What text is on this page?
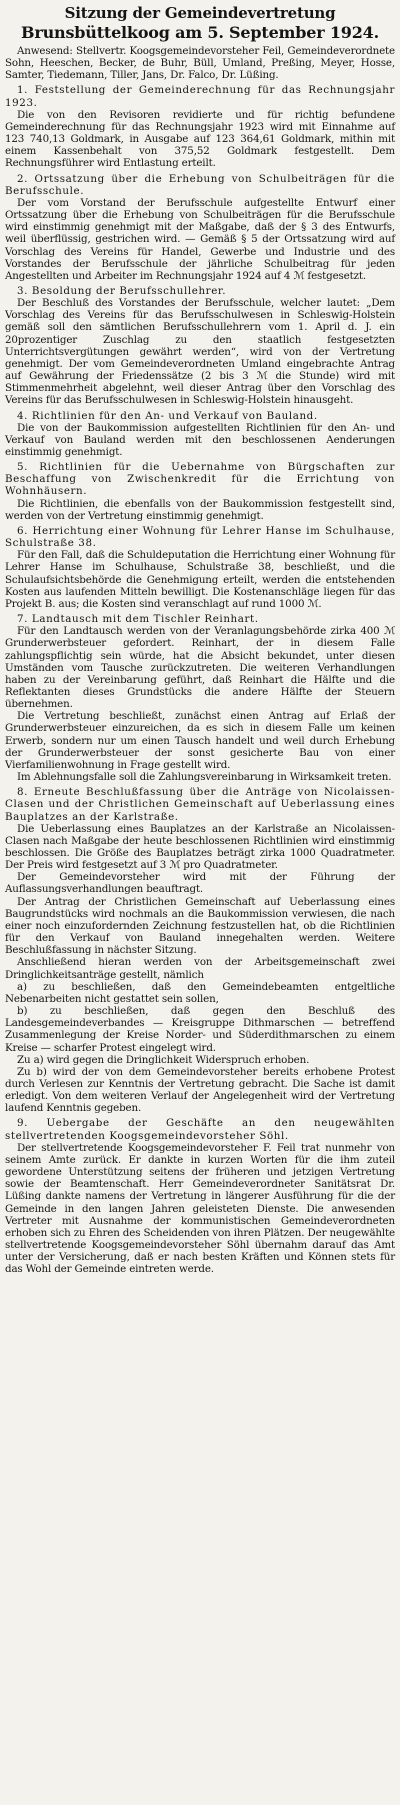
Sitzung der Gemeindevertretung
Brunsbüttelkoog am 5. September 1924.

Anwesend: Stellvertr. Koogsgemeindevorsteher Feil, Gemeindeverordnete Sohn, Heeschen, Becker, de Buhr, Büll, Umland, Preßing, Meyer, Hosse, Samter, Tiedemann, Tiller, Jans, Dr. Falco, Dr. Lüßing.

1. Feststellung der Gemeinderechnung für das Rechnungsjahr 1923.

Die von den Revisoren revidierte und für richtig befundene Gemeinderechnung für das Rechnungsjahr 1923 wird mit Einnahme auf 123 740,13 Goldmark, in Ausgabe auf 123 364,61 Goldmark, mithin mit einem Kassenbehalt von 375,52 Goldmark festgestellt. Dem Rechnungsführer wird Entlastung erteilt.

2. Ortssatzung über die Erhebung von Schulbeiträgen für die Berufsschule.

Der vom Vorstand der Berufsschule aufgestellte Entwurf einer Ortssatzung über die Erhebung von Schulbeiträgen für die Berufsschule wird einstimmig genehmigt mit der Maßgabe, daß der § 3 des Entwurfs, weil überflüssig, gestrichen wird. — Gemäß § 5 der Ortssatzung wird auf Vorschlag des Vereins für Handel, Gewerbe und Industrie und des Vorstandes der Berufsschule der jährliche Schulbeitrag für jeden Angestellten und Arbeiter im Rechnungsjahr 1924 auf 4 ℳ festgesetzt.

3. Besoldung der Berufsschullehrer.

Der Beschluß des Vorstandes der Berufsschule, welcher lautet: „Dem Vorschlag des Vereins für das Berufsschulwesen in Schleswig-Holstein gemäß soll den sämtlichen Berufsschullehrern vom 1. April d. J. ein 20prozentiger Zuschlag zu den staatlich festgesetzten Unterrichtsvergütungen gewährt werden“, wird von der Vertretung genehmigt. Der vom Gemeindeverordneten Umland eingebrachte Antrag auf Gewährung der Friedenssätze (2 bis 3 ℳ die Stunde) wird mit Stimmenmehrheit abgelehnt, weil dieser Antrag über den Vorschlag des Vereins für das Berufsschulwesen in Schleswig-Holstein hinausgeht.

4. Richtlinien für den An- und Verkauf von Bauland.

Die von der Baukommission aufgestellten Richtlinien für den An- und Verkauf von Bauland werden mit den beschlossenen Aenderungen einstimmig genehmigt.

5. Richtlinien für die Uebernahme von Bürgschaften zur Beschaffung von Zwischenkredit für die Errichtung von Wohnhäusern.

Die Richtlinien, die ebenfalls von der Baukommission festgestellt sind, werden von der Vertretung einstimmig genehmigt.

6. Herrichtung einer Wohnung für Lehrer Hanse im Schulhause, Schulstraße 38.

Für den Fall, daß die Schuldeputation die Herrichtung einer Wohnung für Lehrer Hanse im Schulhause, Schulstraße 38, beschließt, und die Schulaufsichtsbehörde die Genehmigung erteilt, werden die entstehenden Kosten aus laufenden Mitteln bewilligt. Die Kostenanschläge liegen für das Projekt B. aus; die Kosten sind veranschlagt auf rund 1000 ℳ.

7. Landtausch mit dem Tischler Reinhart.

Für den Landtausch werden von der Veranlagungsbehörde zirka 400 ℳ Grunderwerbsteuer gefordert. Reinhart, der in diesem Falle zahlungspflichtig sein würde, hat die Absicht bekundet, unter diesen Umständen vom Tausche zurückzutreten. Die weiteren Verhandlungen haben zu der Vereinbarung geführt, daß Reinhart die Hälfte und die Reflektanten dieses Grundstücks die andere Hälfte der Steuern übernehmen.

Die Vertretung beschließt, zunächst einen Antrag auf Erlaß der Grunderwerbsteuer einzureichen, da es sich in diesem Falle um keinen Erwerb, sondern nur um einen Tausch handelt und weil durch Erhebung der Grunderwerbsteuer der sonst gesicherte Bau von einer Vierfamilienwohnung in Frage gestellt wird.

Im Ablehnungsfalle soll die Zahlungsvereinbarung in Wirksamkeit treten.

8. Erneute Beschlußfassung über die Anträge von Nicolaissen-Clasen und der Christlichen Gemeinschaft auf Ueberlassung eines Bauplatzes an der Karlstraße.

Die Ueberlassung eines Bauplatzes an der Karlstraße an Nicolaissen-Clasen nach Maßgabe der heute beschlossenen Richtlinien wird einstimmig beschlossen. Die Größe des Bauplatzes beträgt zirka 1000 Quadratmeter. Der Preis wird festgesetzt auf 3 ℳ pro Quadratmeter.

Der Gemeindevorsteher wird mit der Führung der Auflassungsverhandlungen beauftragt.

Der Antrag der Christlichen Gemeinschaft auf Ueberlassung eines Baugrundstücks wird nochmals an die Baukommission verwiesen, die nach einer noch einzufordernden Zeichnung festzustellen hat, ob die Richtlinien für den Verkauf von Bauland innegehalten werden. Weitere Beschlußfassung in nächster Sitzung.

Anschließend hieran werden von der Arbeitsgemeinschaft zwei Dringlichkeitsanträge gestellt, nämlich

a) zu beschließen, daß den Gemeindebeamten entgeltliche Nebenarbeiten nicht gestattet sein sollen,

b) zu beschließen, daß gegen den Beschluß des Landesgemeindeverbandes — Kreisgruppe Dithmarschen — betreffend Zusammenlegung der Kreise Norder- und Süderdithmarschen zu einem Kreise — scharfer Protest eingelegt wird.

Zu a) wird gegen die Dringlichkeit Widerspruch erhoben.

Zu b) wird der von dem Gemeindevorsteher bereits erhobene Protest durch Verlesen zur Kenntnis der Vertretung gebracht. Die Sache ist damit erledigt. Von dem weiteren Verlauf der Angelegenheit wird der Vertretung laufend Kenntnis gegeben.

9. Uebergabe der Geschäfte an den neugewählten stellvertretenden Koogsgemeindevorsteher Söhl.

Der stellvertretende Koogsgemeindevorsteher F. Feil trat nunmehr von seinem Amte zurück. Er dankte in kurzen Worten für die ihm zuteil gewordene Unterstützung seitens der früheren und jetzigen Vertretung sowie der Beamtenschaft. Herr Gemeindeverordneter Sanitätsrat Dr. Lüßing dankte namens der Vertretung in längerer Ausführung für die der Gemeinde in den langen Jahren geleisteten Dienste. Die anwesenden Vertreter mit Ausnahme der kommunistischen Gemeindeverordneten erhoben sich zu Ehren des Scheidenden von ihren Plätzen. Der neugewählte stellvertretende Koogsgemeindevorsteher Söhl übernahm darauf das Amt unter der Versicherung, daß er nach besten Kräften und Können stets für das Wohl der Gemeinde eintreten werde.
